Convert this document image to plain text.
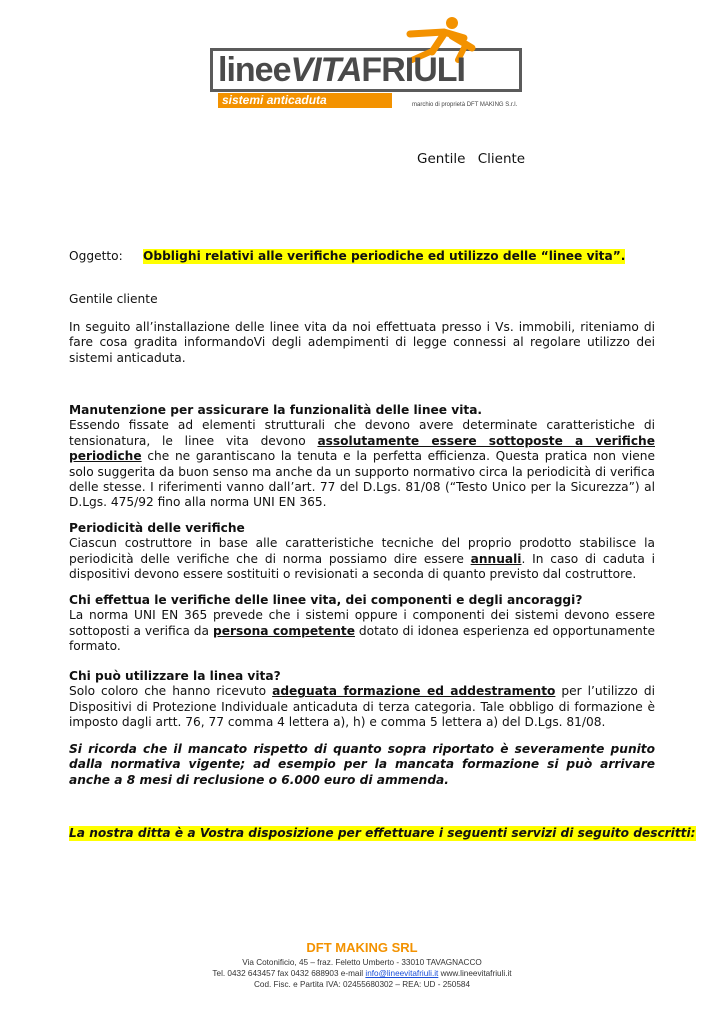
lineeVITAFRIULI
sistemi anticaduta	marchio di proprietà DFT MAKING S.r.l.
Gentile Cliente
Oggetto: Obblighi relativi alle verifiche periodiche ed utilizzo delle “linee vita”.
Gentile cliente
In seguito all’installazione delle linee vita da noi effettuata presso i Vs. immobili, riteniamo di fare cosa gradita informandoVi degli adempimenti di legge connessi al regolare utilizzo dei sistemi anticaduta.
Manutenzione per assicurare la funzionalità delle linee vita.
Essendo fissate ad elementi strutturali che devono avere determinate caratteristiche di tensionatura, le linee vita devono assolutamente essere sottoposte a verifiche periodiche che ne garantiscano la tenuta e la perfetta efficienza. Questa pratica non viene solo suggerita da buon senso ma anche da un supporto normativo circa la periodicità di verifica delle stesse. I riferimenti vanno dall’art. 77 del D.Lgs. 81/08 (“Testo Unico per la Sicurezza”) al D.Lgs. 475/92 fino alla norma UNI EN 365.
Periodicità delle verifiche
Ciascun costruttore in base alle caratteristiche tecniche del proprio prodotto stabilisce la periodicità delle verifiche che di norma possiamo dire essere annuali. In caso di caduta i dispositivi devono essere sostituiti o revisionati a seconda di quanto previsto dal costruttore.
Chi effettua le verifiche delle linee vita, dei componenti e degli ancoraggi?
La norma UNI EN 365 prevede che i sistemi oppure i componenti dei sistemi devono essere sottoposti a verifica da persona competente dotato di idonea esperienza ed opportunamente formato.
Chi può utilizzare la linea vita?
Solo coloro che hanno ricevuto adeguata formazione ed addestramento per l’utilizzo di Dispositivi di Protezione Individuale anticaduta di terza categoria. Tale obbligo di formazione è imposto dagli artt. 76, 77 comma 4 lettera a), h) e comma 5 lettera a) del D.Lgs. 81/08.
Si ricorda che il mancato rispetto di quanto sopra riportato è severamente punito dalla normativa vigente; ad esempio per la mancata formazione si può arrivare anche a 8 mesi di reclusione o 6.000 euro di ammenda.
La nostra ditta è a Vostra disposizione per effettuare i seguenti servizi di seguito descritti:
DFT MAKING SRL
Via Cotonificio, 45 – fraz. Feletto Umberto - 33010 TAVAGNACCO
Tel. 0432 643457 fax 0432 688903 e-mail info@lineevitafriuli.it www.lineevitafriuli.it
Cod. Fisc. e Partita IVA: 02455680302 – REA: UD - 250584
